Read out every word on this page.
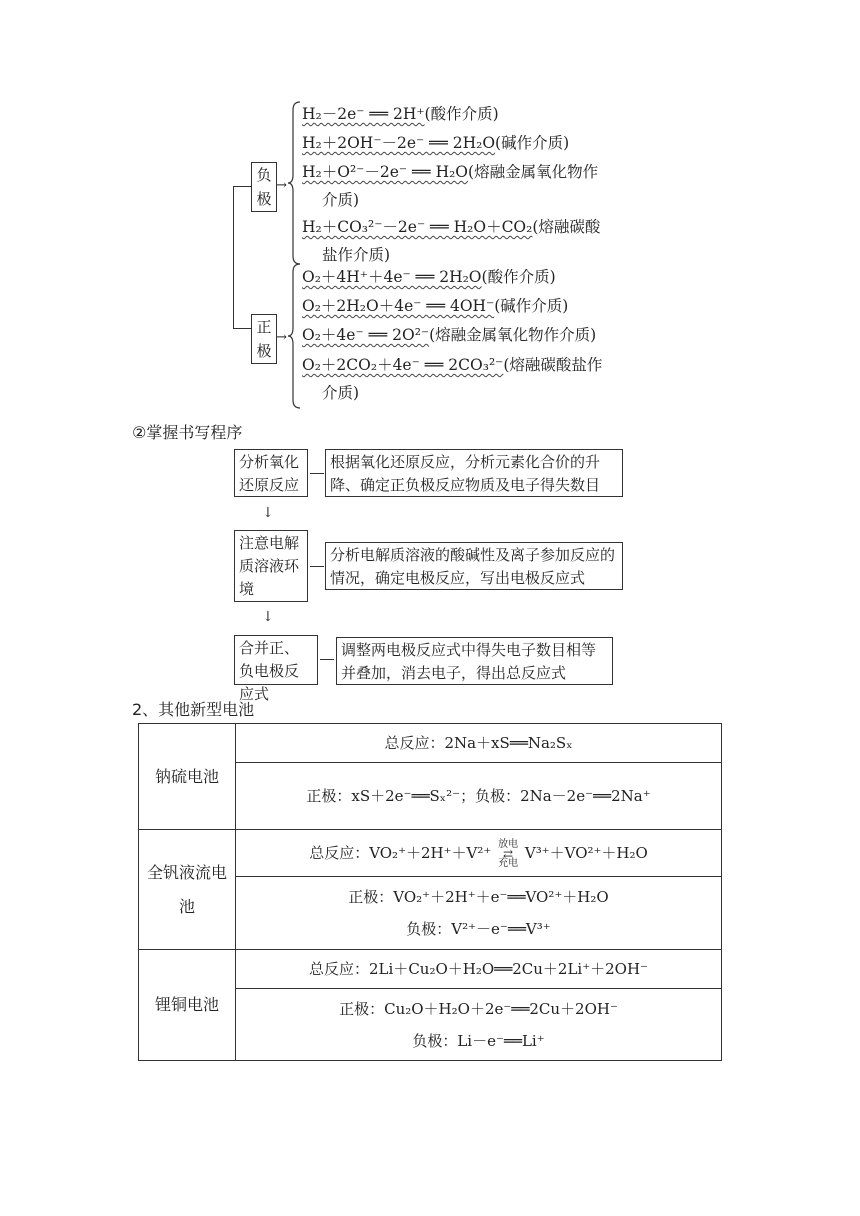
负极
正极
→
→
H₂－2e⁻ ══ 2H⁺(酸作介质)
H₂＋2OH⁻－2e⁻ ══ 2H₂O(碱作介质)
H₂＋O²⁻－2e⁻ ══ H₂O(熔融金属氧化物作
介质)
H₂＋CO₃²⁻－2e⁻ ══ H₂O＋CO₂(熔融碳酸
盐作介质)
O₂＋4H⁺＋4e⁻ ══ 2H₂O(酸作介质)
O₂＋2H₂O＋4e⁻ ══ 4OH⁻(碱作介质)
O₂＋4e⁻ ══ 2O²⁻(熔融金属氧化物作介质)
O₂＋2CO₂＋4e⁻ ══ 2CO₃²⁻(熔融碳酸盐作
介质)
②掌握书写程序
分析氧化还原反应
根据氧化还原反应，分析元素化合价的升降、确定正负极反应物质及电子得失数目
↓
注意电解质溶液环境
分析电解质溶液的酸碱性及离子参加反应的情况，确定电极反应，写出电极反应式
↓
合并正、负电极反应式
调整两电极反应式中得失电子数目相等并叠加，消去电子，得出总反应式
2、其他新型电池
钠硫电池	总反应：2Na＋xS══Na₂Sₓ
	正极：xS＋2e⁻══Sₓ²⁻；负极：2Na－2e⁻══2Na⁺
全钒液流电池	总反应：VO₂⁺＋2H⁺＋V²⁺ 放电
⇄
充电
V³⁺＋VO²⁺＋H₂O

	正极：VO₂⁺＋2H⁺＋e⁻══VO²⁺＋H₂O
负极：V²⁺－e⁻══V³⁺

锂铜电池	总反应：2Li＋Cu₂O＋H₂O══2Cu＋2Li⁺＋2OH⁻

	正极：Cu₂O＋H₂O＋2e⁻══2Cu＋2OH⁻
负极：Li－e⁻══Li⁺
